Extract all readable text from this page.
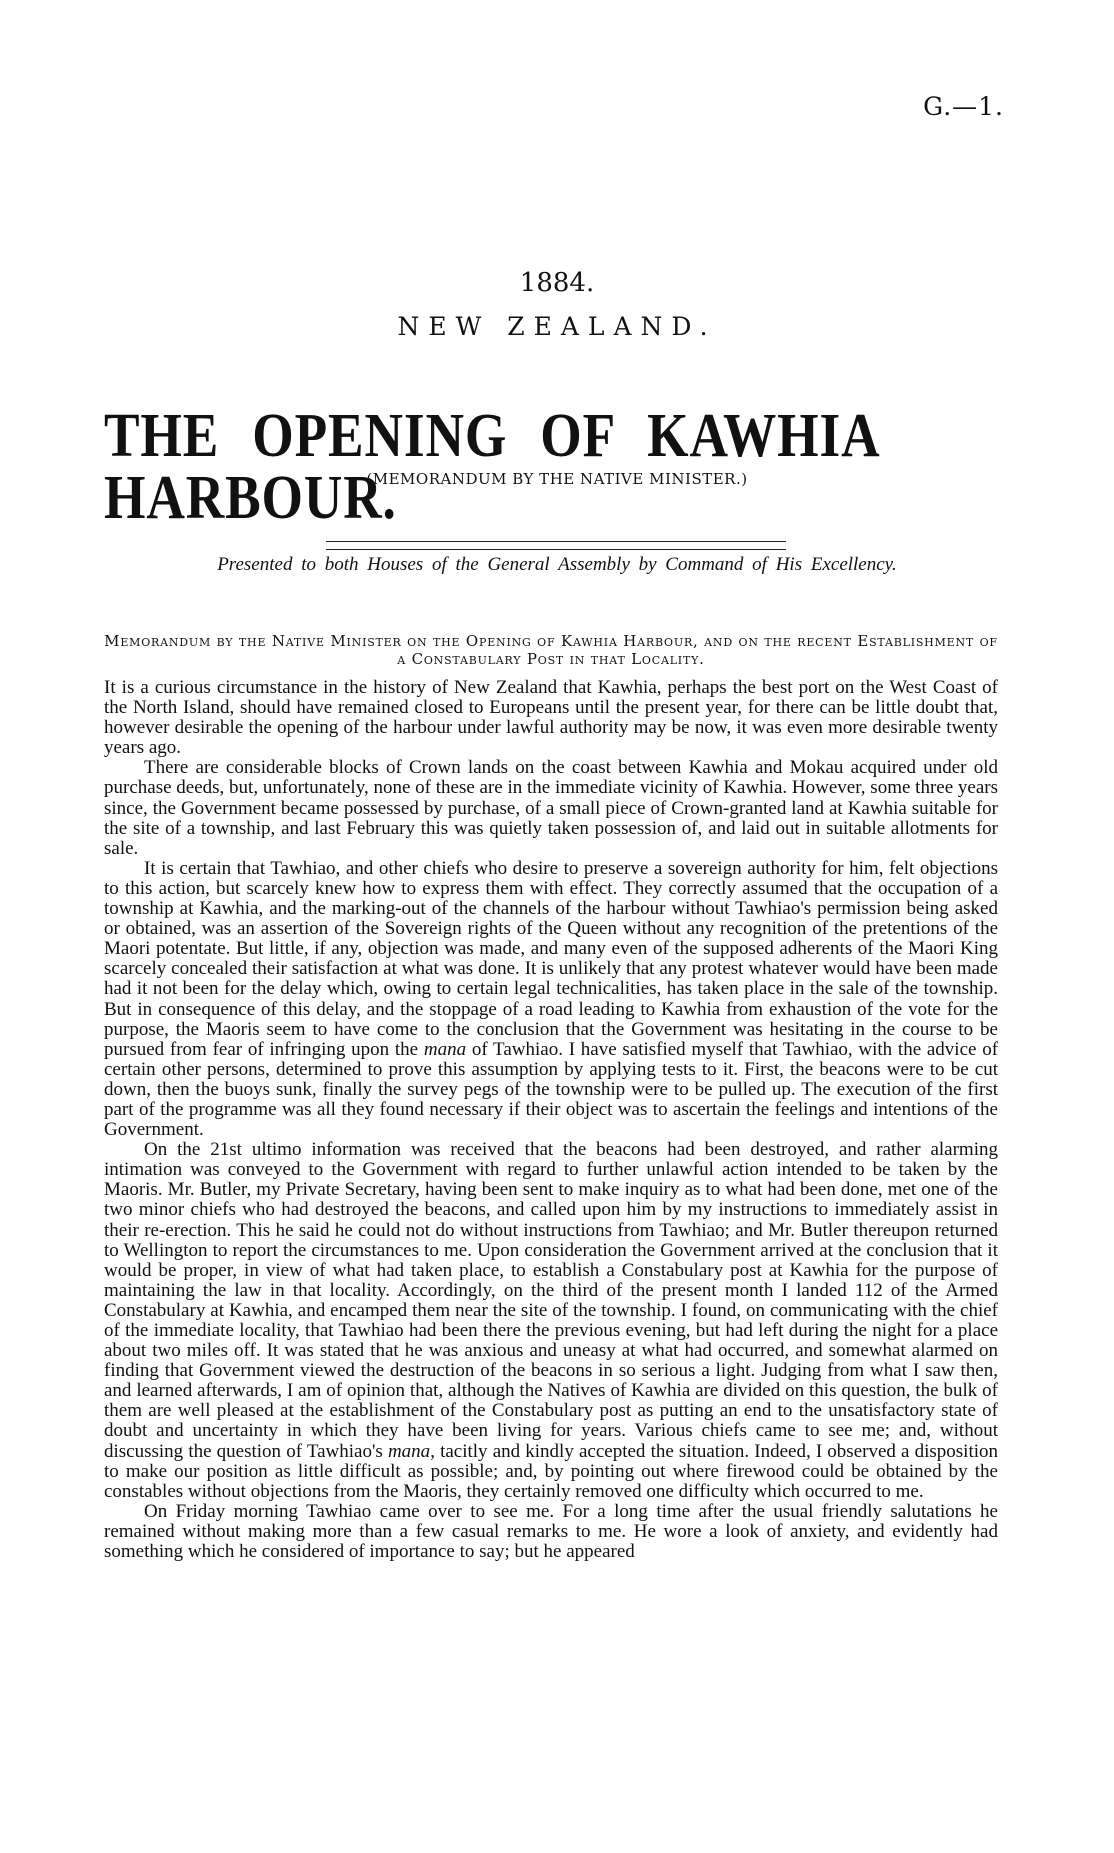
G.—1.
1884.
NEW ZEALAND.
THE OPENING OF KAWHIA HARBOUR.
(MEMORANDUM BY THE NATIVE MINISTER.)
Presented to both Houses of the General Assembly by Command of His Excellency.
Memorandum by the Native Minister on the Opening of Kawhia Harbour, and on the recent Establishment of a Constabulary Post in that Locality.

It is a curious circumstance in the history of New Zealand that Kawhia, perhaps the best port on the West Coast of the North Island, should have remained closed to Europeans until the present year, for there can be little doubt that, however desirable the opening of the harbour under lawful authority may be now, it was even more desirable twenty years ago.

There are considerable blocks of Crown lands on the coast between Kawhia and Mokau acquired under old purchase deeds, but, unfortunately, none of these are in the immediate vicinity of Kawhia. However, some three years since, the Government became possessed by purchase, of a small piece of Crown-granted land at Kawhia suitable for the site of a township, and last February this was quietly taken possession of, and laid out in suitable allotments for sale.

It is certain that Tawhiao, and other chiefs who desire to preserve a sovereign authority for him, felt objections to this action, but scarcely knew how to express them with effect. They correctly assumed that the occupation of a township at Kawhia, and the marking-out of the channels of the harbour without Tawhiao's permission being asked or obtained, was an assertion of the Sovereign rights of the Queen without any recognition of the pretentions of the Maori potentate. But little, if any, objection was made, and many even of the supposed adherents of the Maori King scarcely concealed their satisfaction at what was done. It is unlikely that any protest whatever would have been made had it not been for the delay which, owing to certain legal technicalities, has taken place in the sale of the township. But in consequence of this delay, and the stoppage of a road leading to Kawhia from exhaustion of the vote for the purpose, the Maoris seem to have come to the conclusion that the Government was hesitating in the course to be pursued from fear of infringing upon the mana of Tawhiao. I have satisfied myself that Tawhiao, with the advice of certain other persons, determined to prove this assumption by applying tests to it. First, the beacons were to be cut down, then the buoys sunk, finally the survey pegs of the township were to be pulled up. The execution of the first part of the programme was all they found necessary if their object was to ascertain the feelings and intentions of the Government.

On the 21st ultimo information was received that the beacons had been destroyed, and rather alarming intimation was conveyed to the Government with regard to further unlawful action intended to be taken by the Maoris. Mr. Butler, my Private Secretary, having been sent to make inquiry as to what had been done, met one of the two minor chiefs who had destroyed the beacons, and called upon him by my instructions to immediately assist in their re-erection. This he said he could not do without instructions from Tawhiao; and Mr. Butler thereupon returned to Wellington to report the circumstances to me. Upon consideration the Government arrived at the conclusion that it would be proper, in view of what had taken place, to establish a Constabulary post at Kawhia for the purpose of maintaining the law in that locality. Accordingly, on the third of the present month I landed 112 of the Armed Constabulary at Kawhia, and encamped them near the site of the township. I found, on communicating with the chief of the immediate locality, that Tawhiao had been there the previous evening, but had left during the night for a place about two miles off. It was stated that he was anxious and uneasy at what had occurred, and somewhat alarmed on finding that Government viewed the destruction of the beacons in so serious a light. Judging from what I saw then, and learned afterwards, I am of opinion that, although the Natives of Kawhia are divided on this question, the bulk of them are well pleased at the establishment of the Constabulary post as putting an end to the unsatisfactory state of doubt and uncertainty in which they have been living for years. Various chiefs came to see me; and, without discussing the question of Tawhiao's mana, tacitly and kindly accepted the situation. Indeed, I observed a disposition to make our position as little difficult as possible; and, by pointing out where firewood could be obtained by the constables without objections from the Maoris, they certainly removed one difficulty which occurred to me.

On Friday morning Tawhiao came over to see me. For a long time after the usual friendly salutations he remained without making more than a few casual remarks to me. He wore a look of anxiety, and evidently had something which he considered of importance to say; but he appeared
